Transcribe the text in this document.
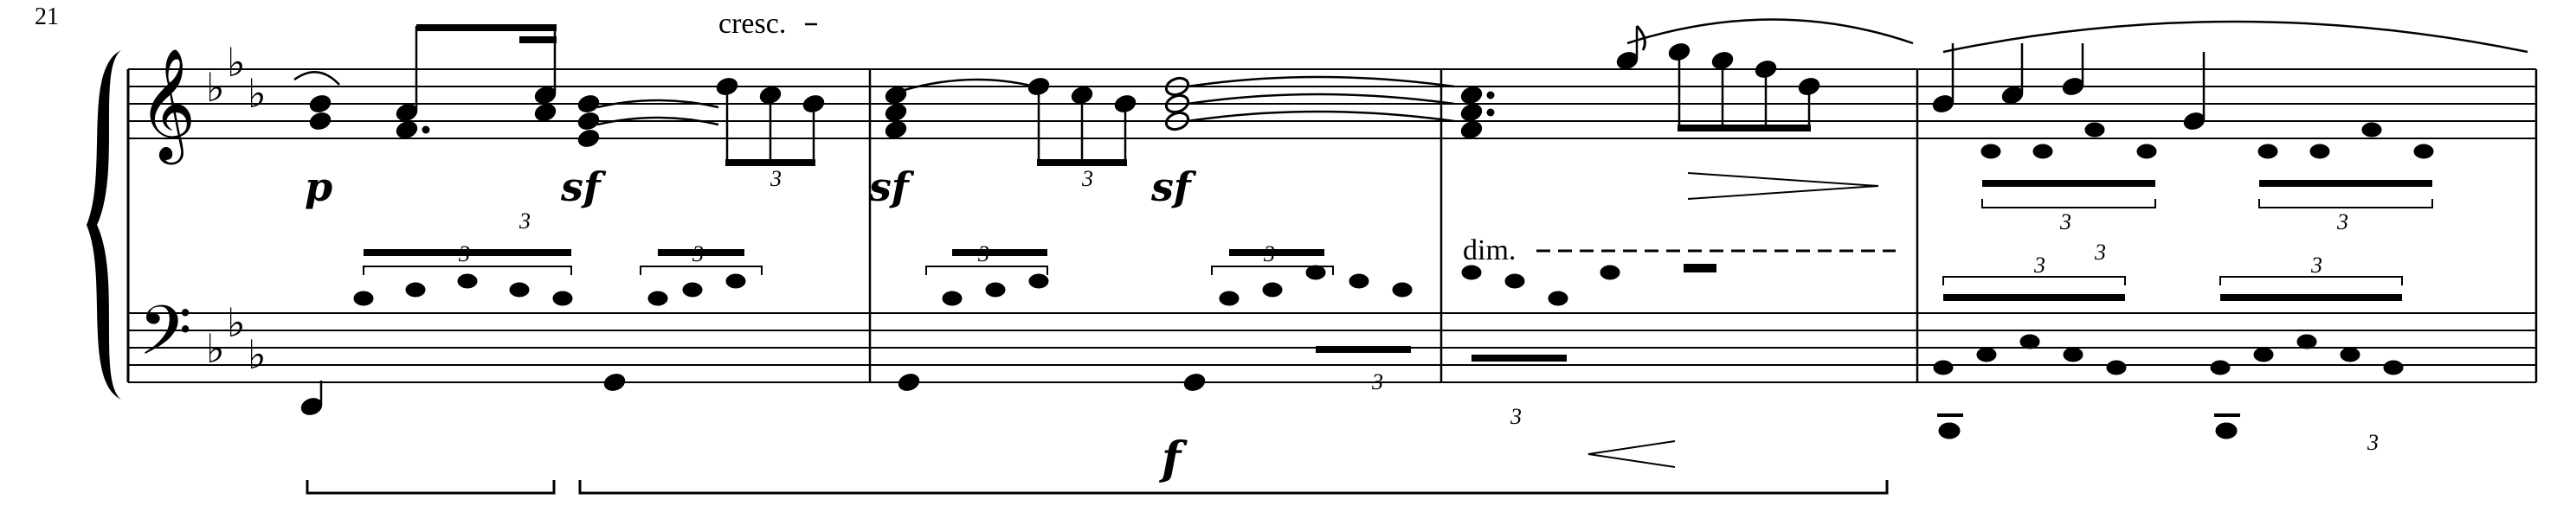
21
𝄞
𝄢
♭
♭
♭
♭
♭
♭
3
3
3
3
3
3
3
3
3
3	3
3	3
3
3
cresc.
dim.
p	sf	sf	sf
f
